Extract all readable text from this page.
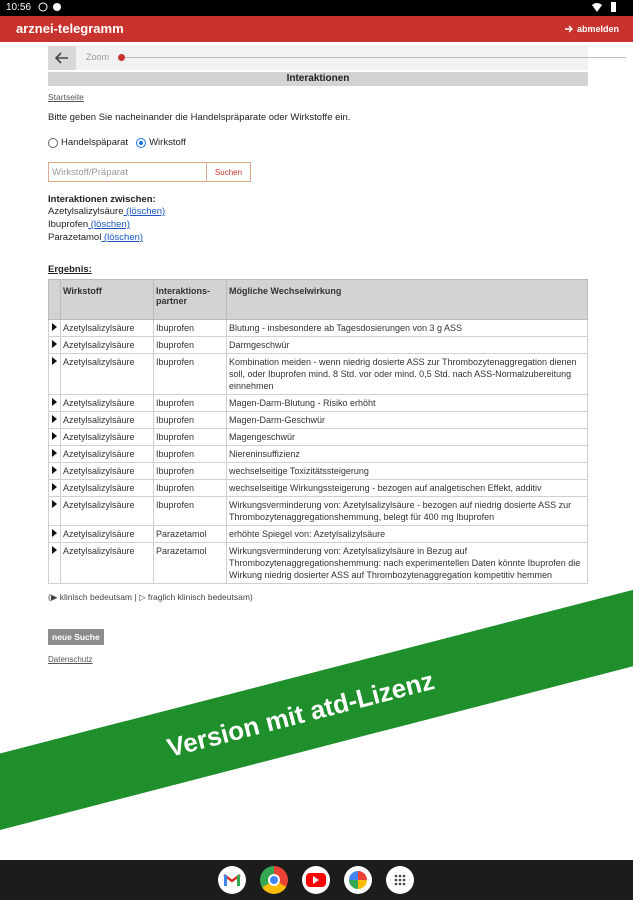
10:56
arznei-telegramm	abmelden
Zoom
Interaktionen
Startseite
Bitte geben Sie nacheinander die Handelspräparate oder Wirkstoffe ein.
Handelspäparat Wirkstoff
Wirkstoff/Präparat
Suchen
Interaktionen zwischen:
Azetylsalizylsäure (löschen)
Ibuprofen (löschen)
Parazetamol (löschen)
Ergebnis:
	Wirkstoff	Interaktions-partner	Mögliche Wechselwirkung
	Azetylsalizylsäure	Ibuprofen	Blutung - insbesondere ab Tagesdosierungen von 3 g ASS
	Azetylsalizylsäure	Ibuprofen	Darmgeschwür
	Azetylsalizylsäure	Ibuprofen	Kombination meiden - wenn niedrig dosierte ASS zur Thrombozytenaggregation dienen soll, oder Ibuprofen mind. 8 Std. vor oder mind. 0,5 Std. nach ASS-Normalzubereitung einnehmen
	Azetylsalizylsäure	Ibuprofen	Magen-Darm-Blutung - Risiko erhöht
	Azetylsalizylsäure	Ibuprofen	Magen-Darm-Geschwür
	Azetylsalizylsäure	Ibuprofen	Magengeschwür
	Azetylsalizylsäure	Ibuprofen	Niereninsuffizienz
	Azetylsalizylsäure	Ibuprofen	wechselseitige Toxizitätssteigerung
	Azetylsalizylsäure	Ibuprofen	wechselseitige Wirkungssteigerung - bezogen auf analgetischen Effekt, additiv
	Azetylsalizylsäure	Ibuprofen	Wirkungsverminderung von: Azetylsalizylsäure - bezogen auf niedrig dosierte ASS zur Thrombozytenaggregationshemmung, belegt für 400 mg Ibuprofen
	Azetylsalizylsäure	Parazetamol	erhöhte Spiegel von: Azetylsalizylsäure
	Azetylsalizylsäure	Parazetamol	Wirkungsverminderung von: Azetylsalizylsäure in Bezug auf Thrombozytenaggregationshemmung: nach experimentellen Daten könnte Ibuprofen die Wirkung niedrig dosierter ASS auf Thrombozytenaggregation kompetitiv hemmen
(▶ klinisch bedeutsam | ▷ fraglich klinisch bedeutsam)
neue Suche
Datenschutz
Version mit atd-Lizenz
